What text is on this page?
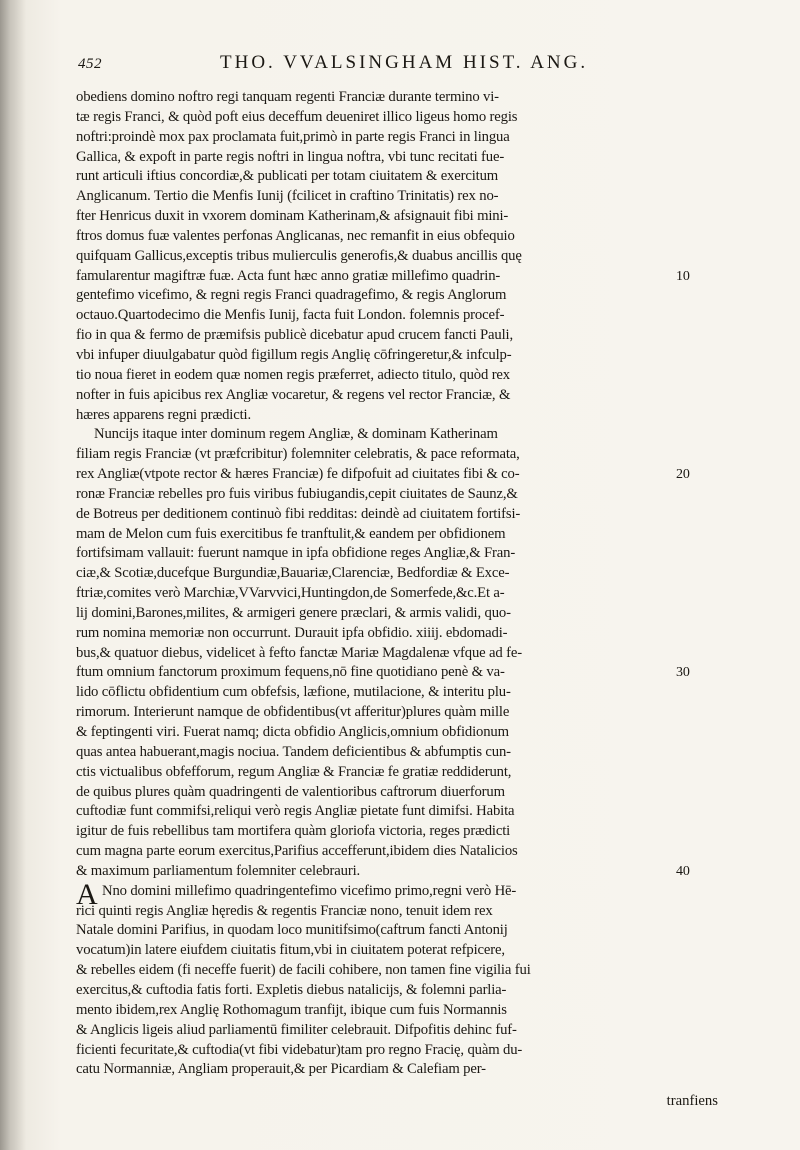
452	THO. VVALSINGHAM HIST. ANG.
obediens domino noftro regi tanquam regenti Franciæ durante termino vi-
tæ regis Franci, & quòd poft eius deceffum deueniret illico ligeus homo regis
noftri:proindè mox pax proclamata fuit,primò in parte regis Franci in lingua
Gallica, & expoft in parte regis noftri in lingua noftra, vbi tunc recitati fue-
runt articuli iftius concordiæ,& publicati per totam ciuitatem & exercitum
Anglicanum. Tertio die Menfis Iunij (fcilicet in craftino Trinitatis) rex no-
fter Henricus duxit in vxorem dominam Katherinam,& afsignauit fibi mini-
ftros domus fuæ valentes perfonas Anglicanas, nec remanfit in eius obfequio
quifquam Gallicus,exceptis tribus mulierculis generofis,& duabus ancillis quę
famularentur magiftræ fuæ. Acta funt hæc anno gratiæ millefimo quadrin-	10
gentefimo vicefimo, & regni regis Franci quadragefimo, & regis Anglorum
octauo.Quartodecimo die Menfis Iunij, facta fuit London. folemnis procef-
fio in qua & fermo de præmifsis publicè dicebatur apud crucem fancti Pauli,
vbi infuper diuulgabatur quòd figillum regis Anglię cōfringeretur,& infculp-
tio noua fieret in eodem quæ nomen regis præferret, adiecto titulo, quòd rex
nofter in fuis apicibus rex Angliæ vocaretur, & regens vel rector Franciæ, &
hæres apparens regni prædicti.
Nuncijs itaque inter dominum regem Angliæ, & dominam Katherinam
filiam regis Franciæ (vt præfcribitur) folemniter celebratis, & pace reformata,
rex Angliæ(vtpote rector & hæres Franciæ) fe difpofuit ad ciuitates fibi & co-	20
ronæ Franciæ rebelles pro fuis viribus fubiugandis,cepit ciuitates de Saunz,&
de Botreus per deditionem continuò fibi redditas: deindè ad ciuitatem fortifsi-
mam de Melon cum fuis exercitibus fe tranftulit,& eandem per obfidionem
fortifsimam vallauit: fuerunt namque in ipfa obfidione reges Angliæ,& Fran-
ciæ,& Scotiæ,ducefque Burgundiæ,Bauariæ,Clarenciæ, Bedfordiæ & Exce-
ftriæ,comites verò Marchiæ,VVarvvici,Huntingdon,de Somerfede,&c.Et a-
lij domini,Barones,milites, & armigeri genere præclari, & armis validi, quo-
rum nomina memoriæ non occurrunt. Durauit ipfa obfidio. xiiij. ebdomadi-
bus,& quatuor diebus, videlicet à fefto fanctæ Mariæ Magdalenæ vfque ad fe-
ftum omnium fanctorum proximum fequens,nō fine quotidiano penè & va-	30
lido cōflictu obfidentium cum obfefsis, læfione, mutilacione, & interitu plu-
rimorum. Interierunt namque de obfidentibus(vt afferitur)plures quàm mille
& feptingenti viri. Fuerat namq; dicta obfidio Anglicis,omnium obfidionum
quas antea habuerant,magis nociua. Tandem deficientibus & abfumptis cun-
ctis victualibus obfefforum, regum Angliæ & Franciæ fe gratiæ reddiderunt,
de quibus plures quàm quadringenti de valentioribus caftrorum diuerforum
cuftodiæ funt commifsi,reliqui verò regis Angliæ pietate funt dimifsi. Habita
igitur de fuis rebellibus tam mortifera quàm gloriofa victoria, reges prædicti
cum magna parte eorum exercitus,Parifius accefferunt,ibidem dies Natalicios
& maximum parliamentum folemniter celebrauri.	40
Nno domini millefimo quadringentefimo vicefimo primo,regni verò Hē-
rici quinti regis Angliæ hęredis & regentis Franciæ nono, tenuit idem rex
Natale domini Parifius, in quodam loco munitifsimo(caftrum fancti Antonij
vocatum)in latere eiufdem ciuitatis fitum,vbi in ciuitatem poterat refpicere,
& rebelles eidem (fi neceffe fuerit) de facili cohibere, non tamen fine vigilia fui
exercitus,& cuftodia fatis forti. Expletis diebus natalicijs, & folemni parlia-
mento ibidem,rex Anglię Rothomagum tranfijt, ibique cum fuis Normannis
& Anglicis ligeis aliud parliamentū fimiliter celebrauit. Difpofitis dehinc fuf-
ficienti fecuritate,& cuftodia(vt fibi videbatur)tam pro regno Fracię, quàm du-
catu Normanniæ, Angliam properauit,& per Picardiam & Calefiam per-
tranfiens
A
